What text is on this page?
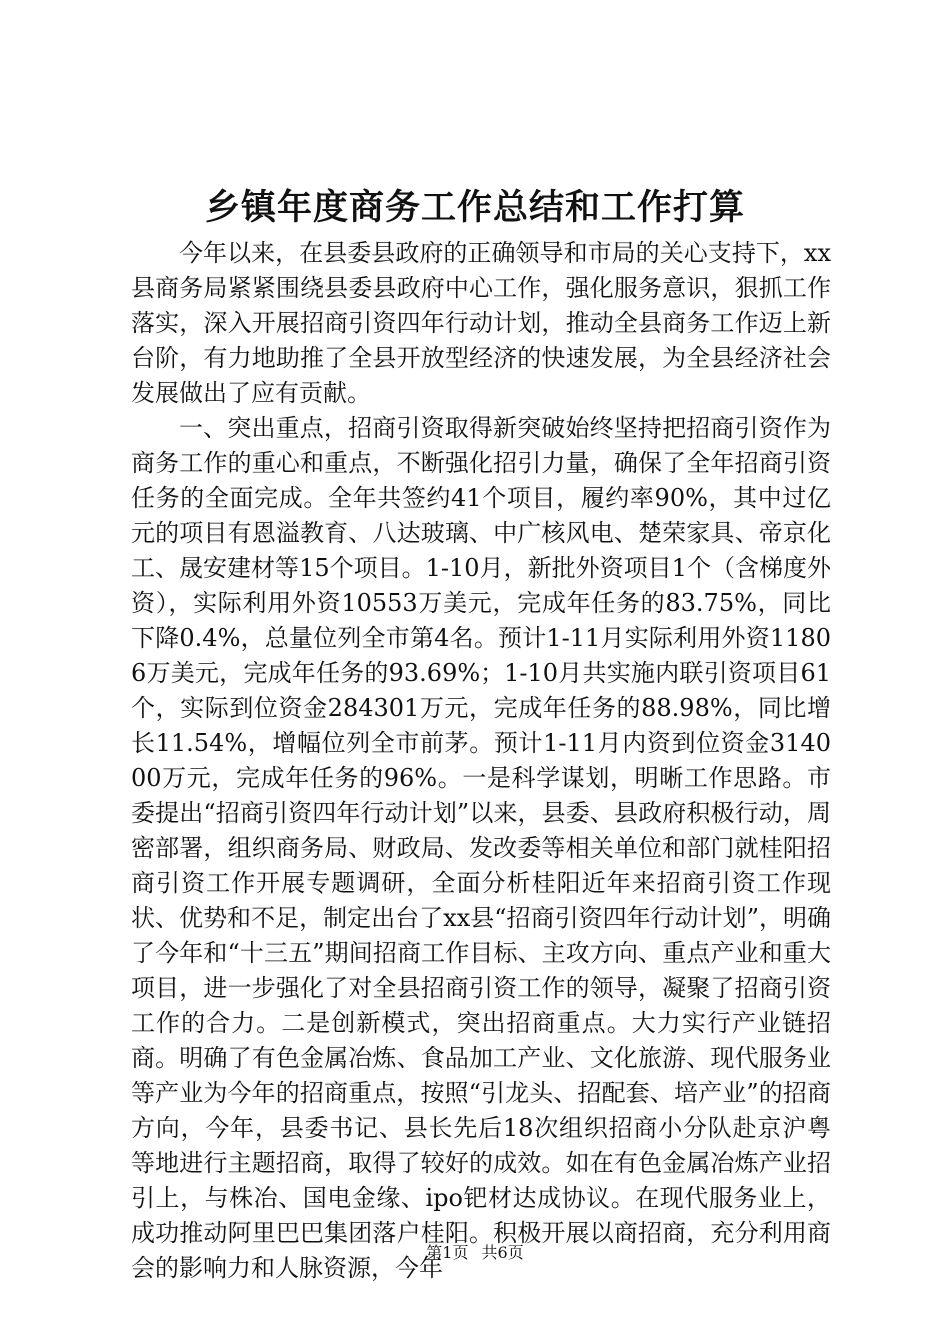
乡镇年度商务工作总结和工作打算

今年以来，在县委县政府的正确领导和市局的关心支持下，xx县商务局紧紧围绕县委县政府中心工作，强化服务意识，狠抓工作落实，深入开展招商引资四年行动计划，推动全县商务工作迈上新台阶，有力地助推了全县开放型经济的快速发展，为全县经济社会发展做出了应有贡献。

一、突出重点，招商引资取得新突破始终坚持把招商引资作为商务工作的重心和重点，不断强化招引力量，确保了全年招商引资任务的全面完成。全年共签约41个项目，履约率90%，其中过亿元的项目有恩溢教育、八达玻璃、中广核风电、楚荣家具、帝京化工、晟安建材等15个项目。1-10月，新批外资项目1个（含梯度外资），实际利用外资10553万美元，完成年任务的83.75%，同比下降0.4%，总量位列全市第4名。预计1-11月实际利用外资11806万美元，完成年任务的93.69%；1-10月共实施内联引资项目61个，实际到位资金284301万元，完成年任务的88.98%，同比增长11.54%，增幅位列全市前茅。预计1-11月内资到位资金314000万元，完成年任务的96%。一是科学谋划，明晰工作思路。市委提出“招商引资四年行动计划”以来，县委、县政府积极行动，周密部署，组织商务局、财政局、发改委等相关单位和部门就桂阳招商引资工作开展专题调研，全面分析桂阳近年来招商引资工作现状、优势和不足，制定出台了xx县“招商引资四年行动计划”，明确了今年和“十三五”期间招商工作目标、主攻方向、重点产业和重大项目，进一步强化了对全县招商引资工作的领导，凝聚了招商引资工作的合力。二是创新模式，突出招商重点。大力实行产业链招商。明确了有色金属冶炼、食品加工产业、文化旅游、现代服务业等产业为今年的招商重点，按照“引龙头、招配套、培产业”的招商方向，今年，县委书记、县长先后18次组织招商小分队赴京沪粤等地进行主题招商，取得了较好的成效。如在有色金属冶炼产业招引上，与株冶、国电金缘、ipo钯材达成协议。在现代服务业上，成功推动阿里巴巴集团落户桂阳。积极开展以商招商，充分利用商会的影响力和人脉资源，今年

第1页 共6页
